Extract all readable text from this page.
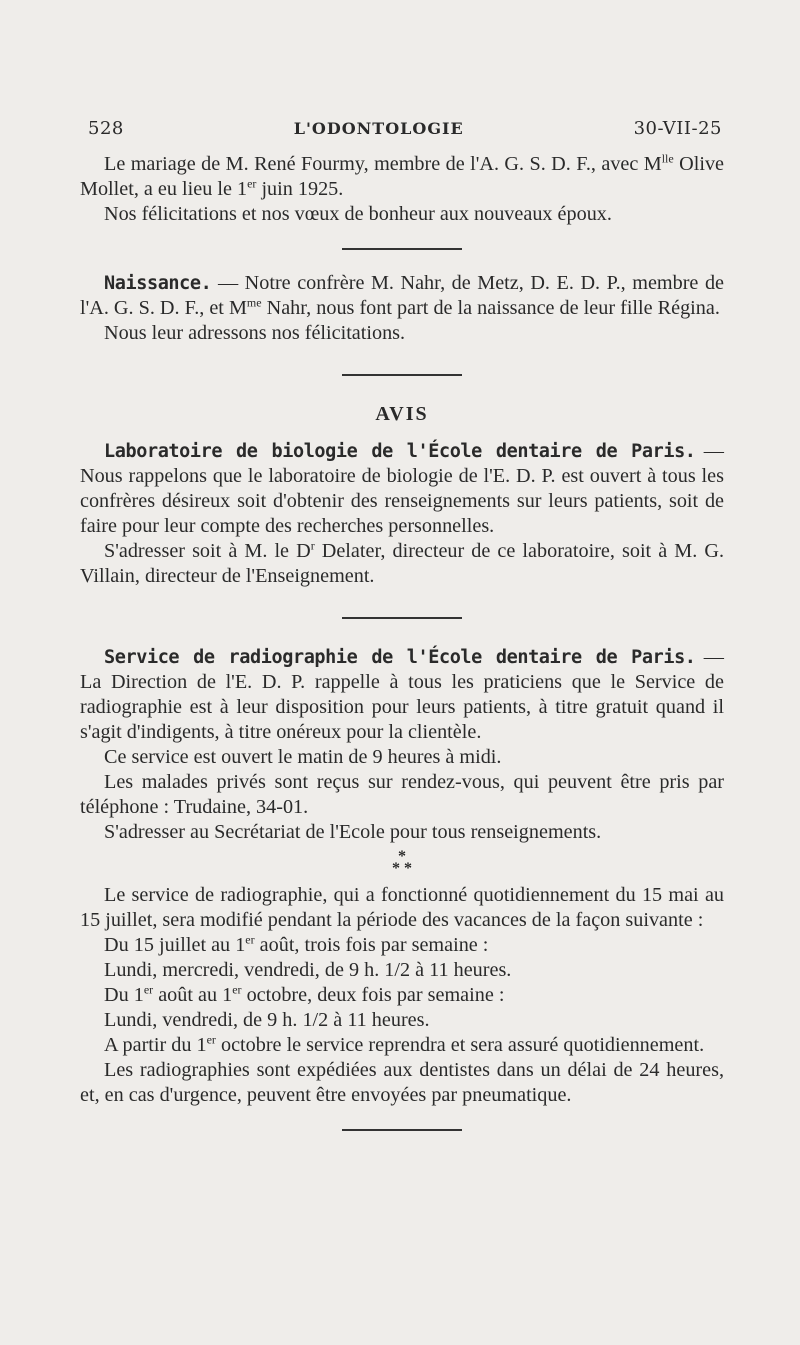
528	L'ODONTOLOGIE	30-VII-25

Le mariage de M. René Fourmy, membre de l'A. G. S. D. F., avec $M^{lle}$ Olive Mollet, a eu lieu le 1er juin 1925.

Nos félicitations et nos vœux de bonheur aux nouveaux époux.

Naissance. — Notre confrère M. Nahr, de Metz, D. E. D. P., membre de l'A. G. S. D. F., et $M^{me}$ Nahr, nous font part de la naissance de leur fille Régina.

Nous leur adressons nos félicitations.

AVIS

Laboratoire de biologie de l'École dentaire de Paris. — Nous rappelons que le laboratoire de biologie de l'E. D. P. est ouvert à tous les confrères désireux soit d'obtenir des renseignements sur leurs patients, soit de faire pour leur compte des recherches personnelles.

S'adresser soit à M. le $D^r$ Delater, directeur de ce laboratoire, soit à M. G. Villain, directeur de l'Enseignement.

Service de radiographie de l'École dentaire de Paris. — La Direction de l'E. D. P. rappelle à tous les praticiens que le Service de radiographie est à leur disposition pour leurs patients, à titre gratuit quand il s'agit d'indigents, à titre onéreux pour la clientèle.

Ce service est ouvert le matin de 9 heures à midi.

Les malades privés sont reçus sur rendez-vous, qui peuvent être pris par téléphone : Trudaine, 34-01.

S'adresser au Secrétariat de l'Ecole pour tous renseignements.

*
* *

Le service de radiographie, qui a fonctionné quotidiennement du 15 mai au 15 juillet, sera modifié pendant la période des vacances de la façon suivante :

Du 15 juillet au 1er août, trois fois par semaine :

Lundi, mercredi, vendredi, de 9 h. 1/2 à 11 heures.

Du 1er août au 1er octobre, deux fois par semaine :

Lundi, vendredi, de 9 h. 1/2 à 11 heures.

A partir du 1er octobre le service reprendra et sera assuré quotidiennement.

Les radiographies sont expédiées aux dentistes dans un délai de 24 heures, et, en cas d'urgence, peuvent être envoyées par pneumatique.
